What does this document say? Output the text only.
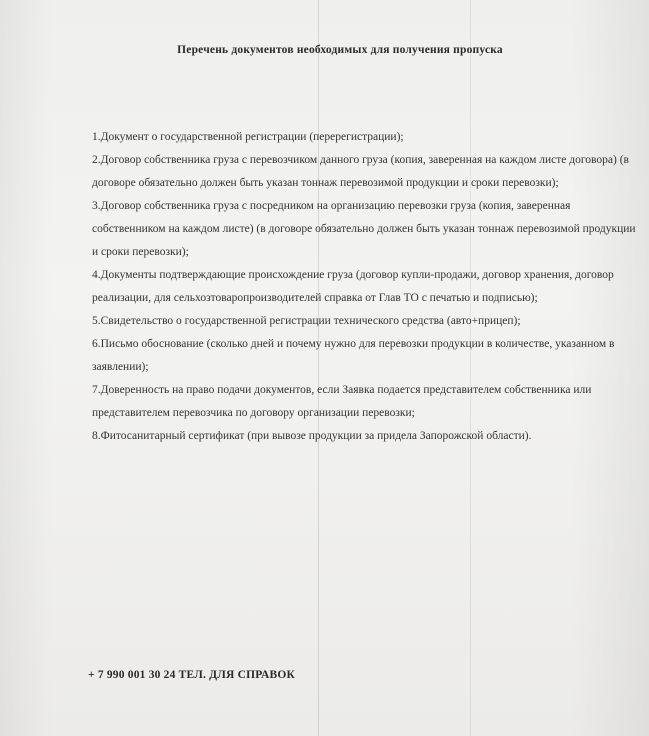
Перечень документов необходимых для получения пропуска
1.Документ о государственной регистрации (перерегистрации);
2.Договор собственника груза с перевозчиком данного груза (копия, заверенная на каждом листе договора) (в договоре обязательно должен быть указан тоннаж перевозимой продукции и сроки перевозки);
3.Договор собственника груза с посредником на организацию перевозки груза (копия, заверенная собственником на каждом листе) (в договоре обязательно должен быть указан тоннаж перевозимой продукции и сроки перевозки);
4.Документы подтверждающие происхождение груза (договор купли-продажи, договор хранения, договор реализации, для сельхозтоваропроизводителей справка от Глав ТО с печатью и подписью);
5.Свидетельство о государственной регистрации технического средства (авто+прицеп);
6.Письмо обоснование (сколько дней и почему нужно для перевозки продукции в количестве, указанном в заявлении);
7.Доверенность на право подачи документов, если Заявка подается представителем собственника или представителем перевозчика по договору организации перевозки;
8.Фитосанитарный сертификат (при вывозе продукции за придела Запорожской области).
+ 7 990 001 30 24 ТЕЛ. ДЛЯ СПРАВОК
